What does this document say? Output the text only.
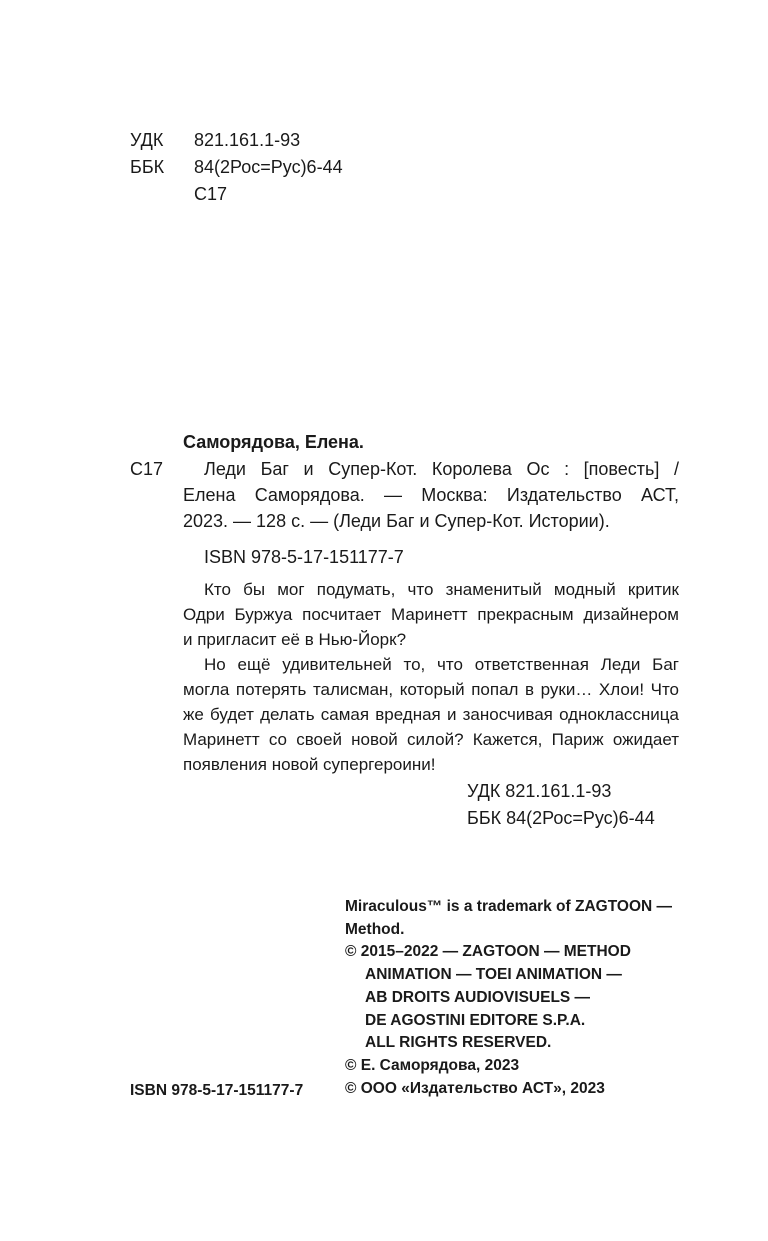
УДК 821.161.1-93
ББК 84(2Рос=Рус)6-44
С17
Саморядова, Елена.
С17	Леди Баг и Супер-Кот. Королева Ос : [повесть] /
Елена Саморядова. — Москва: Издательство АСТ,
2023. — 128 с. — (Леди Баг и Супер-Кот. Истории).
ISBN 978-5-17-151177-7
Кто бы мог подумать, что знаменитый модный критик
Одри Буржуа посчитает Маринетт прекрасным дизайнером
и пригласит её в Нью-Йорк?
Но ещё удивительней то, что ответственная Леди Баг
могла потерять талисман, который попал в руки… Хлои! Что
же будет делать самая вредная и заносчивая одноклассница
Маринетт со своей новой силой? Кажется, Париж ожидает
появления новой супергероини!
УДК 821.161.1-93
ББК 84(2Рос=Рус)6-44
Miraculous™ is a trademark of ZAGTOON —
Method.
© 2015–2022 — ZAGTOON — METHOD
ANIMATION — TOEI ANIMATION —
AB DROITS AUDIOVISUELS —
DE AGOSTINI EDITORE S.P.A.
ALL RIGHTS RESERVED.
© Е. Саморядова, 2023
© ООО «Издательство АСТ», 2023
ISBN 978-5-17-151177-7
